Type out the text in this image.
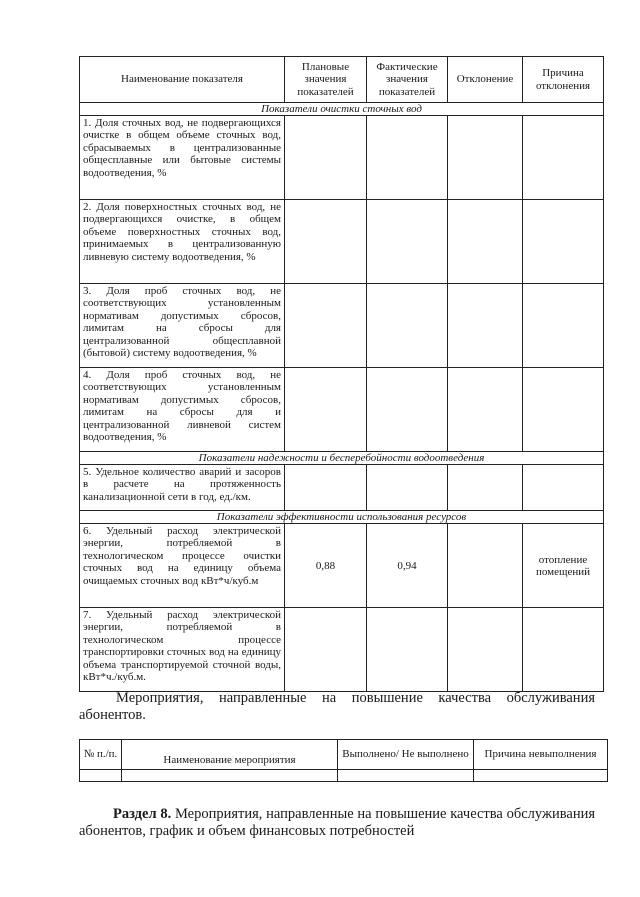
Наименование показателя	Плановые значения показателей	Фактические значения показателей	Отклонение	Причина отклонения
Показатели очистки сточных вод				
1. Доля сточных вод, не подвергающихся очистке в общем объеме сточных вод, сбрасываемых в централизованные общесплавные или бытовые системы водоотведения, %				
2. Доля поверхностных сточных вод, не подвергающихся очистке, в общем объеме поверхностных сточных вод, принимаемых в централизованную ливневую систему водоотведения, %				
3. Доля проб сточных вод, не соответствующих установленным нормативам допустимых сбросов, лимитам на сбросы для централизованной общесплавной (бытовой) систему водоотведения, %				
4. Доля проб сточных вод, не соответствующих установленным нормативам допустимых сбросов, лимитам на сбросы для и централизованной ливневой систем водоотведения, %				
Показатели надежности и бесперебойности водоотведения				
5. Удельное количество аварий и засоров в расчете на протяженность канализационной сети в год, ед./км.				
Показатели эффективности использования ресурсов				
6. Удельный расход электрической энергии, потребляемой в технологическом процессе очистки сточных вод на единицу объема очищаемых сточных вод кВт*ч/куб.м	0,88	0,94		отопление помещений
7. Удельный расход электрической энергии, потребляемой в технологическом процессе транспортировки сточных вод на единицу объема транспортируемой сточной воды, кВт*ч./куб.м.				
Мероприятия, направленные на повышение качества обслуживания абонентов.
№ п./п.	Наименование мероприятия	Выполнено/ Не выполнено	Причина невыполнения

Раздел 8. Мероприятия, направленные на повышение качества обслуживания абонентов, график и объем финансовых потребностей
